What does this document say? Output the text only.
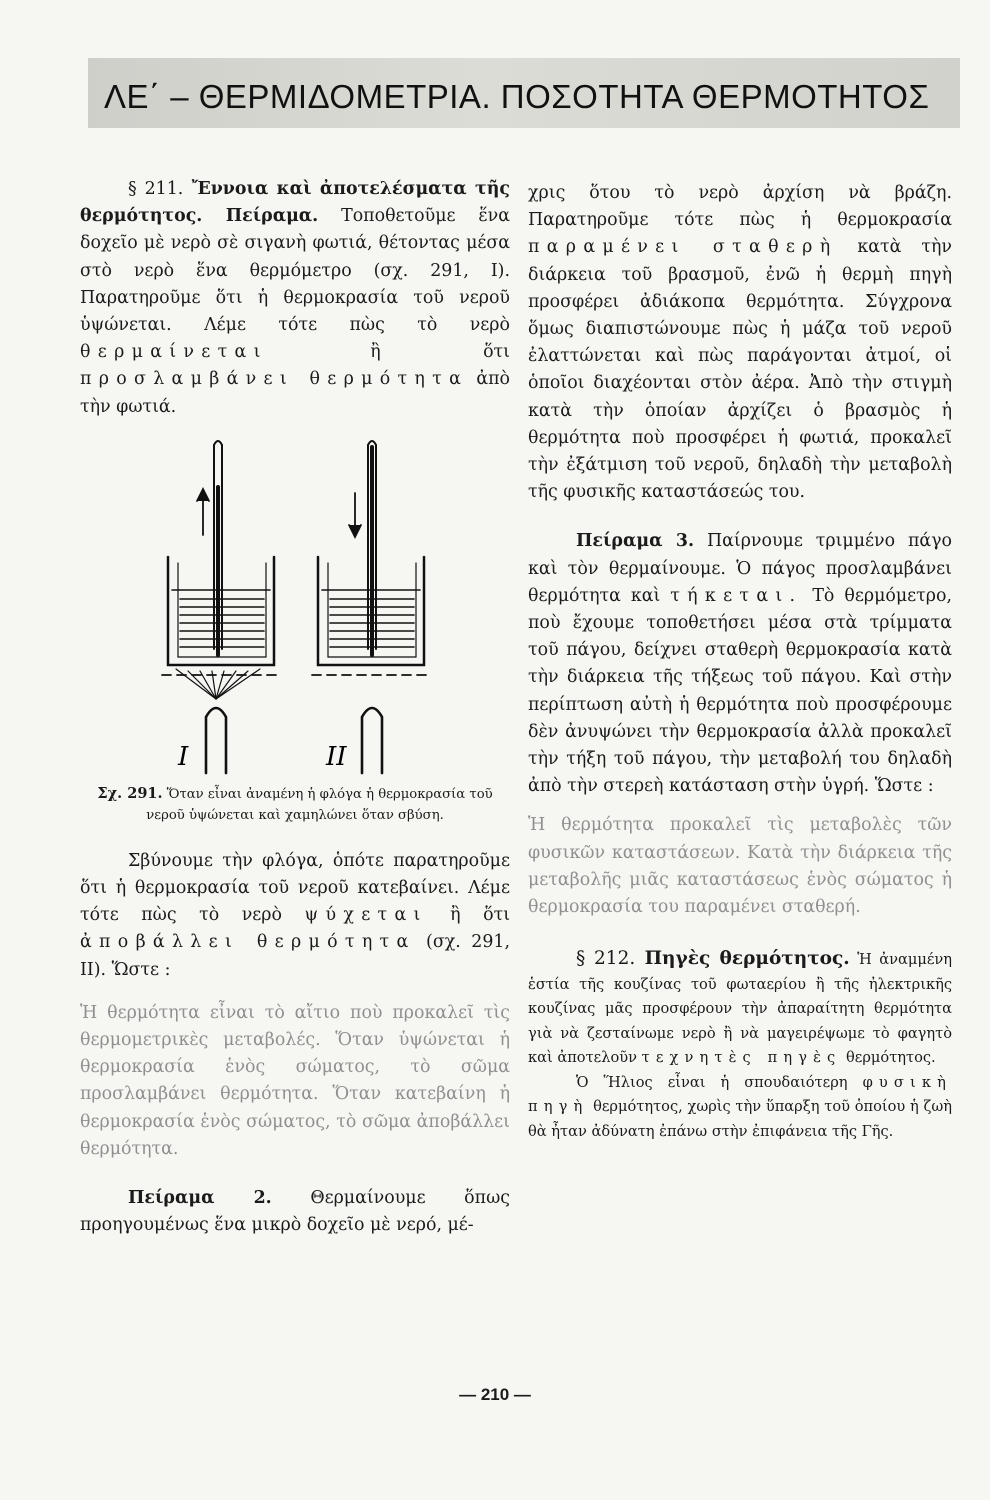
ΛΕ΄ – ΘΕΡΜΙΔΟΜΕΤΡΙΑ. ΠΟΣΟΤΗΤΑ ΘΕΡΜΟΤΗΤΟΣ

§ 211. Ἔννοια καὶ ἀποτελέσματα τῆς θερμότητος. Πείραμα. Τοποθετοῦμε ἕνα δοχεῖο μὲ νερὸ σὲ σιγανὴ φωτιά, θέτοντας μέσα στὸ νερὸ ἕνα θερμόμετρο (σχ. 291, Ι). Παρατηροῦμε ὅτι ἡ θερμοκρασία τοῦ νεροῦ ὑψώνεται. Λέμε τότε πὼς τὸ νερὸ θερμαίνεται	ἢ ὅτι προσλαμβάνει θερμότητα ἀπὸ τὴν φωτιά.

Ι	ΙΙ

Σχ. 291. Ὅταν εἶναι ἀναμένη ἡ φλόγα ἡ θερμοκρασία τοῦ νεροῦ ὑψώνεται καὶ χαμηλώνει ὅταν σβύση.

Σβύνουμε τὴν φλόγα, ὁπότε παρατηροῦμε ὅτι ἡ θερμοκρασία τοῦ νεροῦ κατεβαίνει. Λέμε τότε πὼς τὸ νερὸ ψύχεται ἢ ὅτι ἀποβάλλει θερμότητα (σχ. 291, ΙΙ). Ὥστε :

Ἡ θερμότητα εἶναι τὸ αἴτιο ποὺ προκαλεῖ τὶς θερμομετρικὲς μεταβολές. Ὅταν ὑψώνεται ἡ θερμοκρασία ἑνὸς σώματος, τὸ σῶμα προσλαμβάνει θερμότητα. Ὅταν κατεβαίνη ἡ θερμοκρασία ἑνὸς σώματος, τὸ σῶμα ἀποβάλλει θερμότητα.

Πείραμα 2. Θερμαίνουμε ὅπως προηγουμένως ἕνα μικρὸ δοχεῖο μὲ νερό, μέ-

χρις ὅτου τὸ νερὸ ἀρχίση νὰ βράζη. Παρατηροῦμε τότε πὼς ἡ θερμοκρασία παραμένει σταθερὴ κατὰ τὴν διάρκεια τοῦ βρασμοῦ, ἐνῶ ἡ θερμὴ πηγὴ προσφέρει ἀδιάκοπα θερμότητα. Σύγχρονα ὅμως διαπιστώνουμε πὼς ἡ μάζα τοῦ νεροῦ ἐλαττώνεται καὶ πὼς παράγονται ἀτμοί, οἱ ὁποῖοι διαχέονται στὸν ἀέρα. Ἀπὸ τὴν στιγμὴ κατὰ τὴν ὁποίαν ἀρχίζει ὁ βρασμὸς ἡ θερμότητα ποὺ προσφέρει ἡ φωτιά, προκαλεῖ τὴν ἐξάτμιση τοῦ νεροῦ, δηλαδὴ τὴν μεταβολὴ τῆς φυσικῆς καταστάσεώς του.

Πείραμα 3. Παίρνουμε τριμμένο πάγο καὶ τὸν θερμαίνουμε. Ὁ πάγος προσλαμβάνει θερμότητα καὶ τήκεται. Τὸ θερμόμετρο, ποὺ ἔχουμε τοποθετήσει μέσα στὰ τρίμματα τοῦ πάγου, δείχνει σταθερὴ θερμοκρασία κατὰ τὴν διάρκεια τῆς τήξεως τοῦ πάγου. Καὶ στὴν περίπτωση αὐτὴ ἡ θερμότητα ποὺ προσφέρουμε δὲν ἀνυψώνει τὴν θερμοκρασία ἀλλὰ προκαλεῖ τὴν τήξη τοῦ πάγου, τὴν μεταβολή του δηλαδὴ ἀπὸ τὴν στερεὴ κατάσταση στὴν ὑγρή. Ὥστε :

Ἡ θερμότητα προκαλεῖ τὶς μεταβολὲς τῶν φυσικῶν καταστάσεων. Κατὰ τὴν διάρκεια τῆς μεταβολῆς μιᾶς καταστάσεως ἑνὸς σώματος ἡ θερμοκρασία του παραμένει σταθερή.

§ 212. Πηγὲς θερμότητος. Ἡ ἀναμμένη ἑστία τῆς κουζίνας τοῦ φωταερίου ἢ τῆς ἠλεκτρικῆς κουζίνας μᾶς προσφέρουν τὴν ἀπαραίτητη θερμότητα γιὰ νὰ ζεσταίνωμε νερὸ ἢ νὰ μαγειρέψωμε τὸ φαγητὸ καὶ ἀποτελοῦν τεχνητὲς πηγὲς θερμότητος.

Ὁ Ἥλιος εἶναι ἡ σπουδαιότερη φυσικὴ πηγὴ θερμότητος, χωρὶς τὴν ὕπαρξη τοῦ ὁποίου ἡ ζωὴ θὰ ἦταν ἀδύνατη ἐπάνω στὴν ἐπιφάνεια τῆς Γῆς.

— 210 —
